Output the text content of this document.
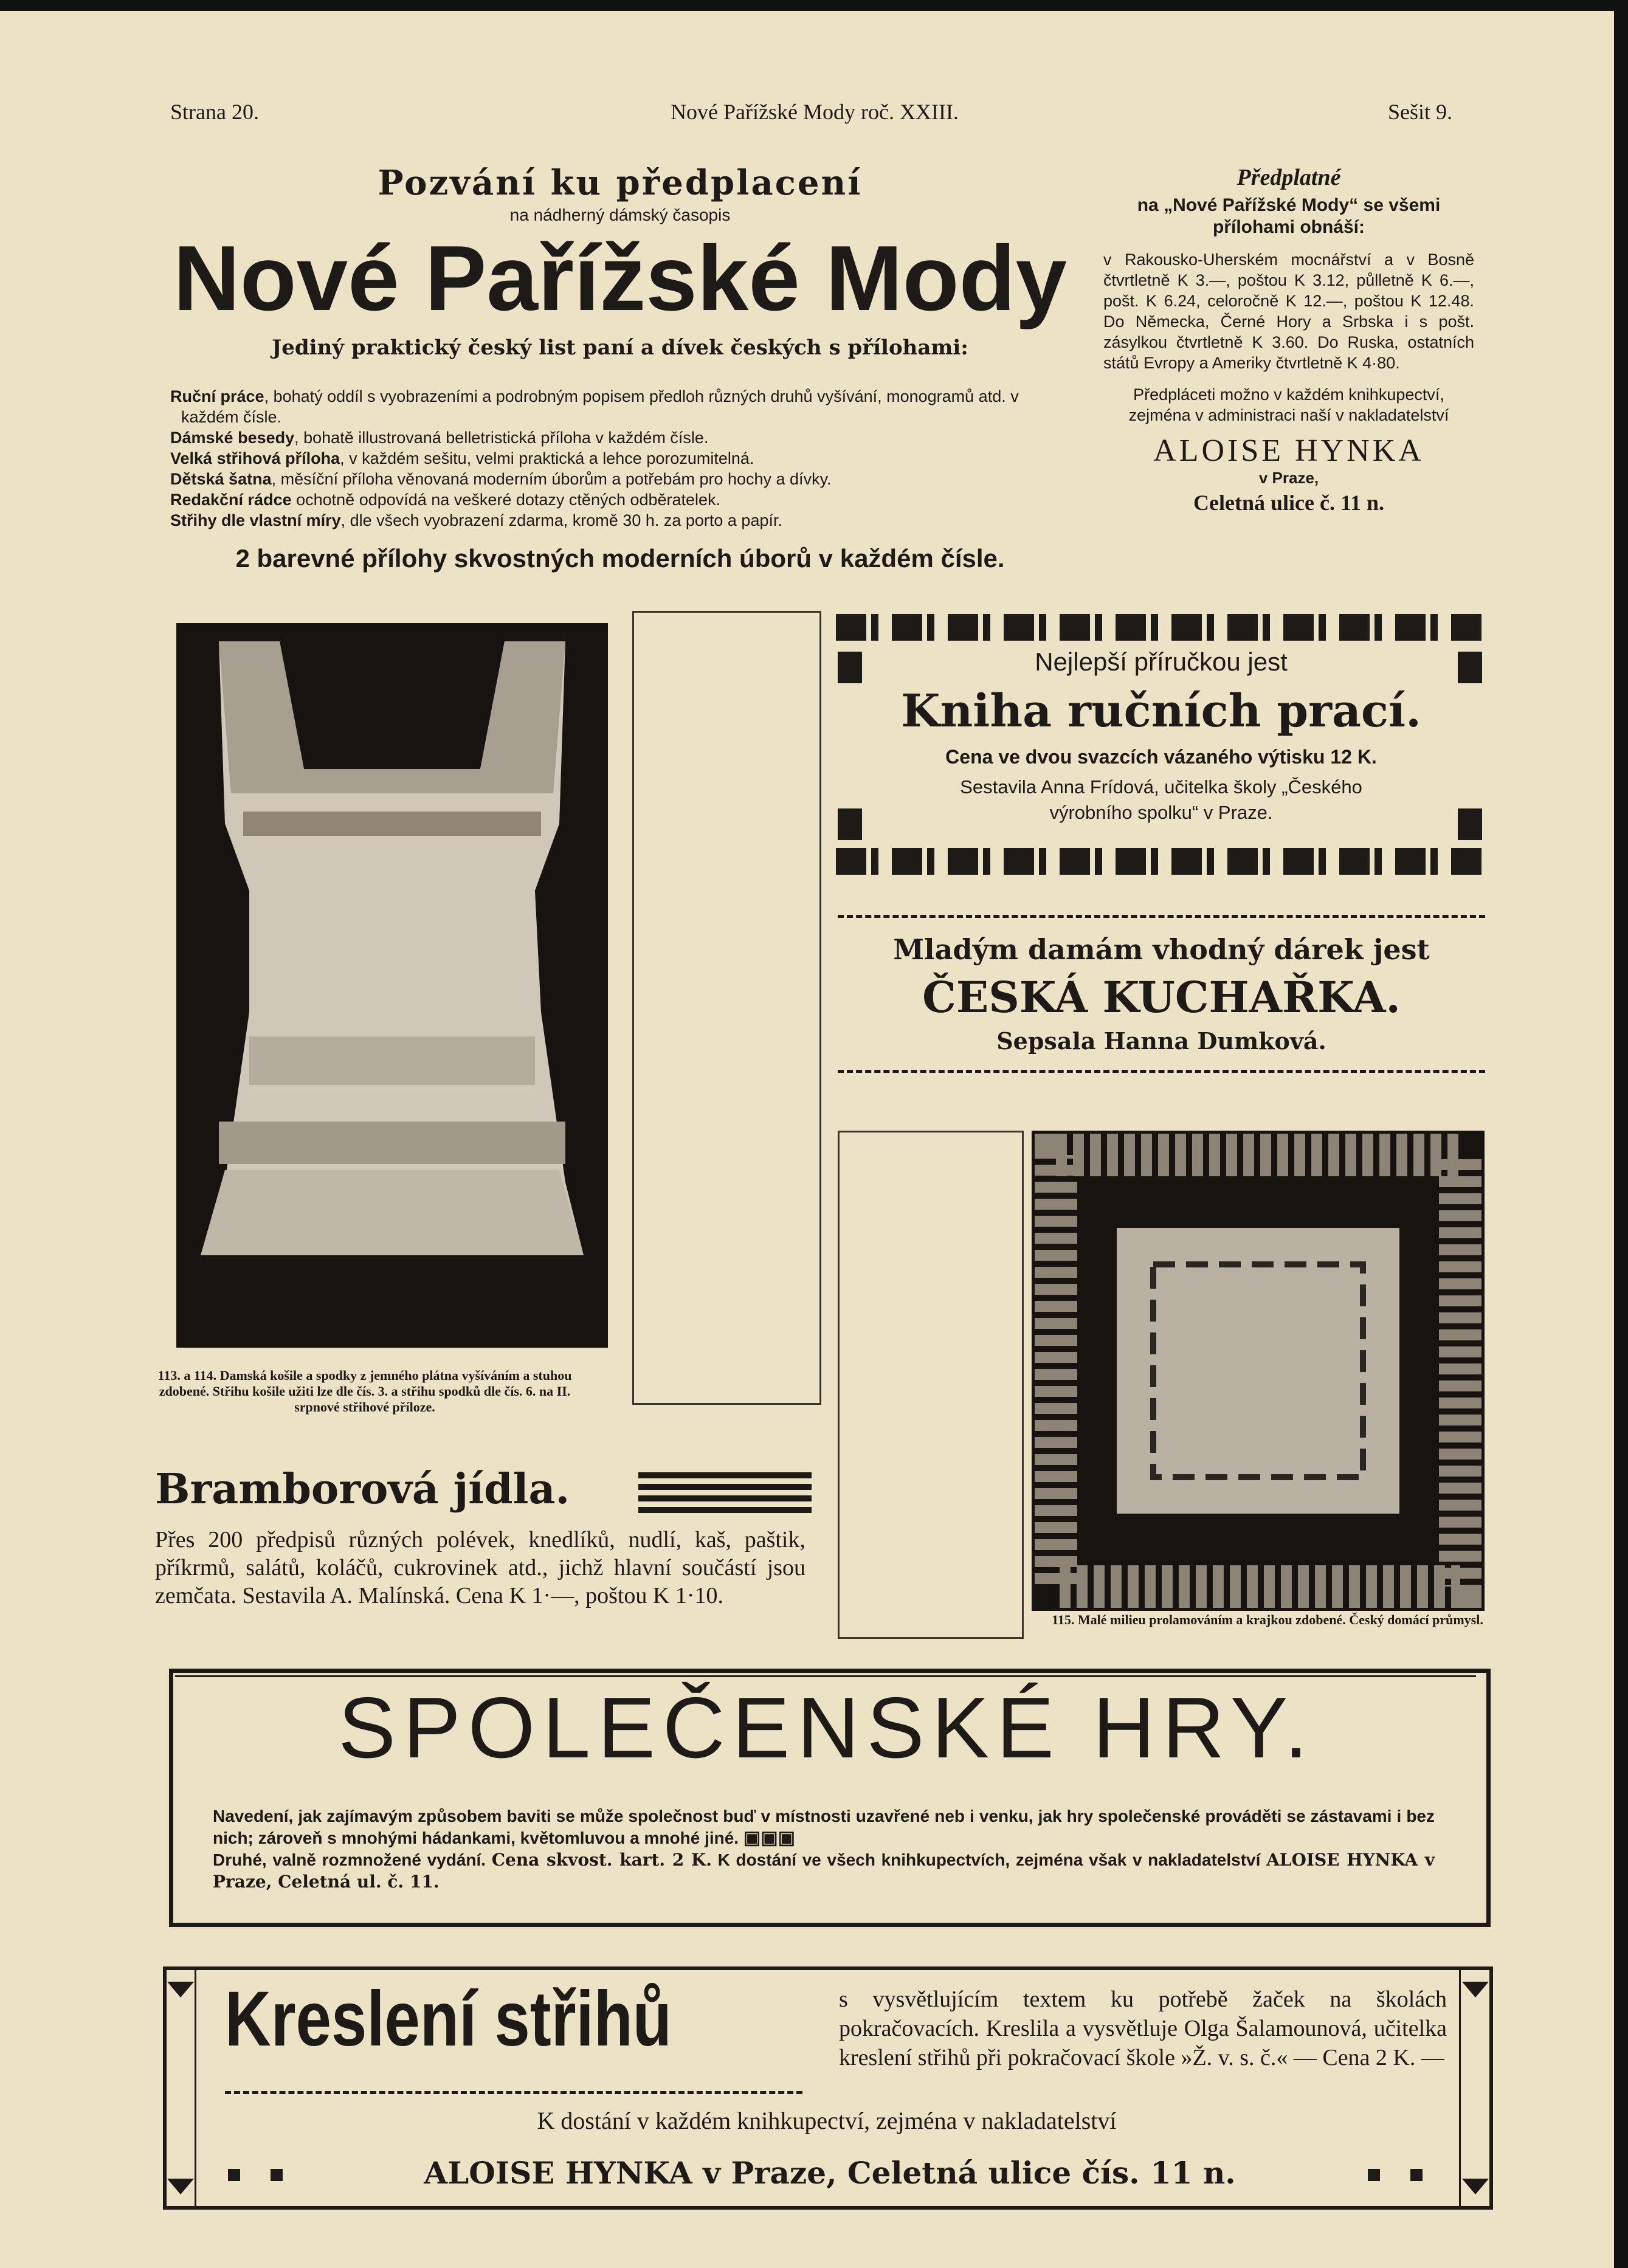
Strana 20.	Nové Pařížské Mody roč. XXIII.	Sešit 9.
Pozvání ku předplacení
na nádherný dámský časopis
Nové Pařížské Mody
Jediný praktický český list paní a dívek českých s přílohami:
Ruční práce, bohatý oddíl s vyobrazeními a podrobným popisem předloh různých druhů vyšívání, monogramů atd. v každém čísle.
Dámské besedy, bohatě illustrovaná belletristická příloha v každém čísle.
Velká střihová příloha, v každém sešitu, velmi praktická a lehce porozumitelná.
Dětská šatna, měsíční příloha věnovaná moderním úborům a potřebám pro hochy a dívky.
Redakční rádce ochotně odpovídá na veškeré dotazy ctěných odběratelek.
Střihy dle vlastní míry, dle všech vyobrazení zdarma, kromě 30 h. za porto a papír.
2 barevné přílohy skvostných moderních úborů v každém čísle.
Předplatné
na „Nové Pařížské Mody“ se všemi přílohami obnáší:
v Rakousko-Uherském mocnářství a v Bosně čtvrtletně K 3.—, poštou K 3.12, půlletně K 6.—, pošt. K 6.24, celoročně K 12.—, poštou K 12.48. Do Německa, Černé Hory a Srbska i s pošt. zásylkou čtvrtletně K 3.60. Do Ruska, ostatních států Evropy a Ameriky čtvrtletně K 4·80.
Předpláceti možno v každém knihkupectví, zejména v administraci naší v nakladatelství
ALOISE HYNKA
v Praze,
Celetná ulice č. 11 n.
113. a 114. Damská košile a spodky z jemného plátna vyšíváním a stuhou zdobené. Střihu košile užiti lze dle čís. 3. a střihu spodků dle čís. 6. na II. srpnové střihové příloze.
Nejlepší příručkou jest
Kniha ručních prací.
Cena ve dvou svazcích vázaného výtisku 12 K.
Sestavila Anna Frídová, učitelka školy „Českého výrobního spolku“ v Praze.
Mladým damám vhodný dárek jest
ČESKÁ KUCHAŘKA.
Sepsala Hanna Dumková.
115. Malé milieu prolamováním a krajkou zdobené. Český domácí průmysl.
Bramborová jídla.
Přes 200 předpisů různých polévek, knedlíků, nudlí, kaš, paštik, příkrmů, salátů, koláčů, cukrovinek atd., jichž hlavní součástí jsou zemčata. Sestavila A. Malínská. Cena K 1·—, poštou K 1·10.
SPOLEČENSKÉ HRY.
Navedení, jak zajímavým způsobem baviti se může společnost buď v místnosti uzavřené neb i venku, jak hry společenské prováděti se zástavami i bez nich; zároveň s mnohými hádankami, květomluvou a mnohé jiné. ▣▣▣
Druhé, valně rozmnožené vydání. Cena skvost. kart. 2 K. K dostání ve všech knihkupectvích, zejména však v nakladatelství ALOISE HYNKA v Praze, Celetná ul. č. 11.
Kreslení střihů	s vysvětlujícím textem ku potřebě žaček na školách pokračovacích. Kreslila a vysvětluje Olga Šalamounová, učitelka kreslení střihů při pokračovací škole »Ž. v. s. č.« — Cena 2 K. —
K dostání v každém knihkupectví, zejména v nakladatelství
ALOISE HYNKA v Praze, Celetná ulice čís. 11 n.
